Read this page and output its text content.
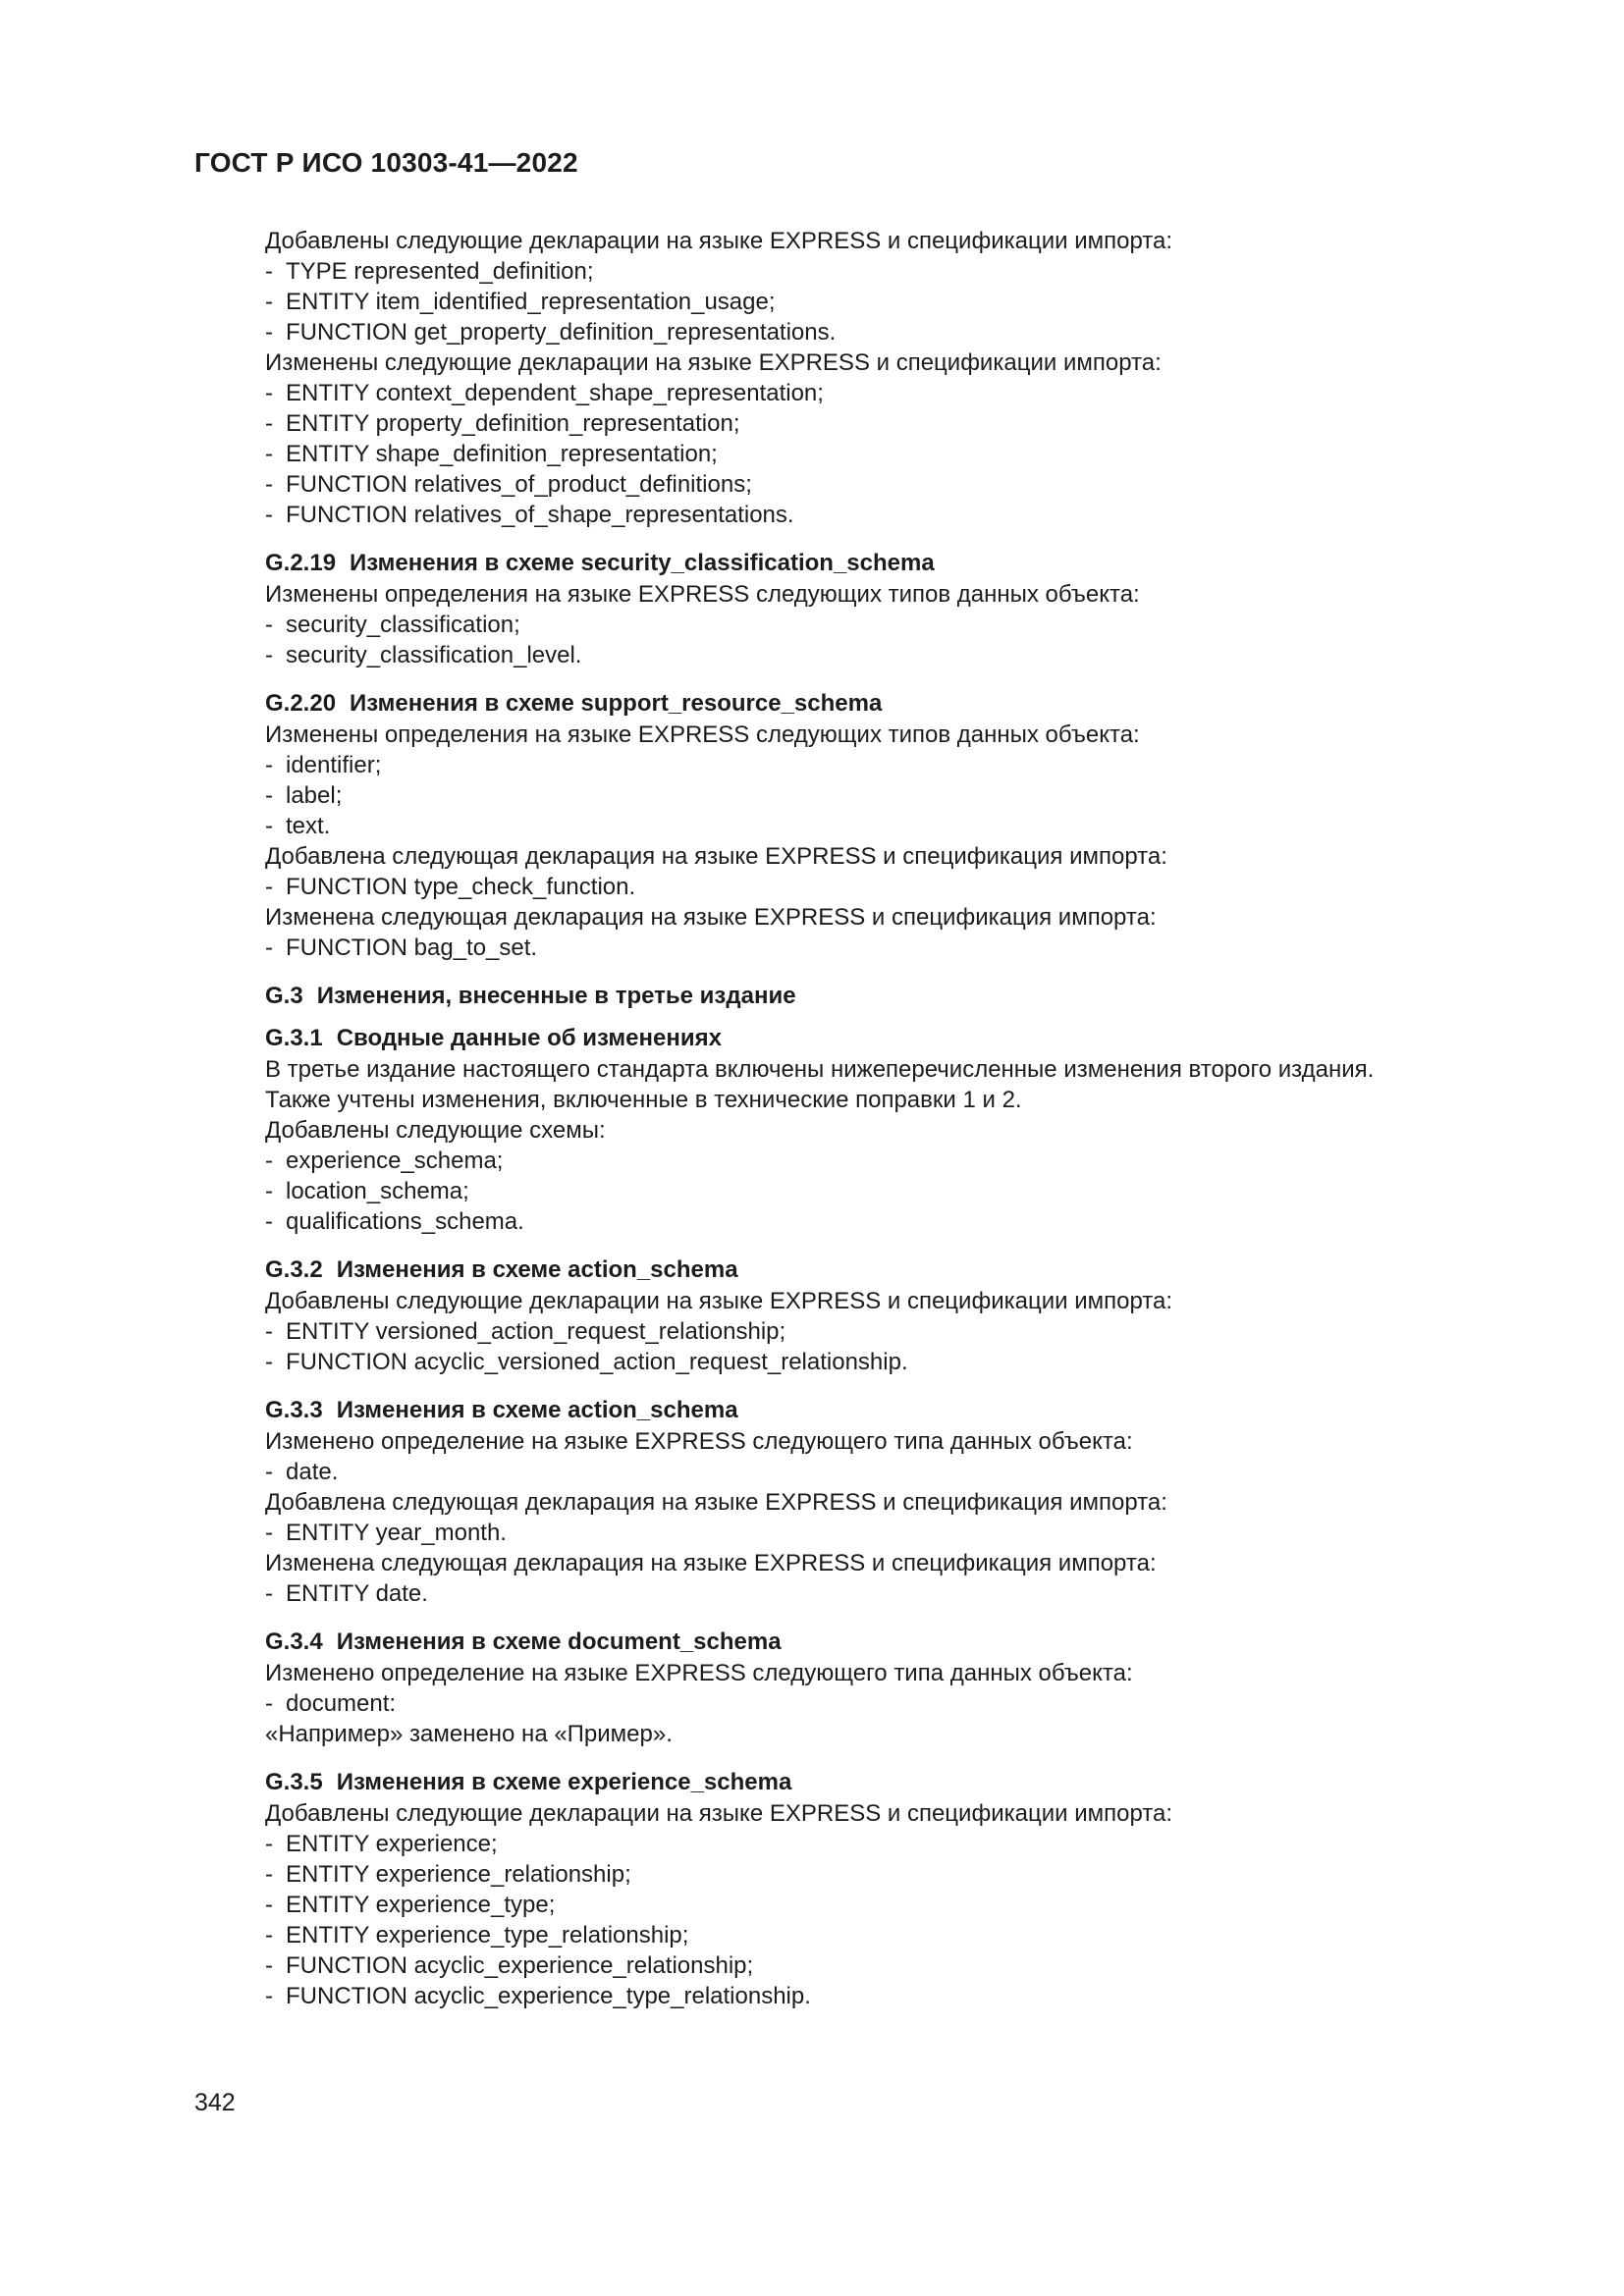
ГОСТ Р ИСО 10303-41—2022

Добавлены следующие декларации на языке EXPRESS и спецификации импорта:

- TYPE represented_definition;

- ENTITY item_identified_representation_usage;

- FUNCTION get_property_definition_representations.

Изменены следующие декларации на языке EXPRESS и спецификации импорта:

- ENTITY context_dependent_shape_representation;

- ENTITY property_definition_representation;

- ENTITY shape_definition_representation;

- FUNCTION relatives_of_product_definitions;

- FUNCTION relatives_of_shape_representations.

G.2.19 Изменения в схеме security_classification_schema

Изменены определения на языке EXPRESS следующих типов данных объекта:

- security_classification;

- security_classification_level.

G.2.20 Изменения в схеме support_resource_schema

Изменены определения на языке EXPRESS следующих типов данных объекта:

- identifier;

- label;

- text.

Добавлена следующая декларация на языке EXPRESS и спецификация импорта:

- FUNCTION type_check_function.

Изменена следующая декларация на языке EXPRESS и спецификация импорта:

- FUNCTION bag_to_set.

G.3 Изменения, внесенные в третье издание

G.3.1 Сводные данные об изменениях

В третье издание настоящего стандарта включены нижеперечисленные изменения второго издания.

Также учтены изменения, включенные в технические поправки 1 и 2.

Добавлены следующие схемы:

- experience_schema;

- location_schema;

- qualifications_schema.

G.3.2 Изменения в схеме action_schema

Добавлены следующие декларации на языке EXPRESS и спецификации импорта:

- ENTITY versioned_action_request_relationship;

- FUNCTION acyclic_versioned_action_request_relationship.

G.3.3 Изменения в схеме action_schema

Изменено определение на языке EXPRESS следующего типа данных объекта:

- date.

Добавлена следующая декларация на языке EXPRESS и спецификация импорта:

- ENTITY year_month.

Изменена следующая декларация на языке EXPRESS и спецификация импорта:

- ENTITY date.

G.3.4 Изменения в схеме document_schema

Изменено определение на языке EXPRESS следующего типа данных объекта:

- document:

«Например» заменено на «Пример».

G.3.5 Изменения в схеме experience_schema

Добавлены следующие декларации на языке EXPRESS и спецификации импорта:

- ENTITY experience;

- ENTITY experience_relationship;

- ENTITY experience_type;

- ENTITY experience_type_relationship;

- FUNCTION acyclic_experience_relationship;

- FUNCTION acyclic_experience_type_relationship.

342
